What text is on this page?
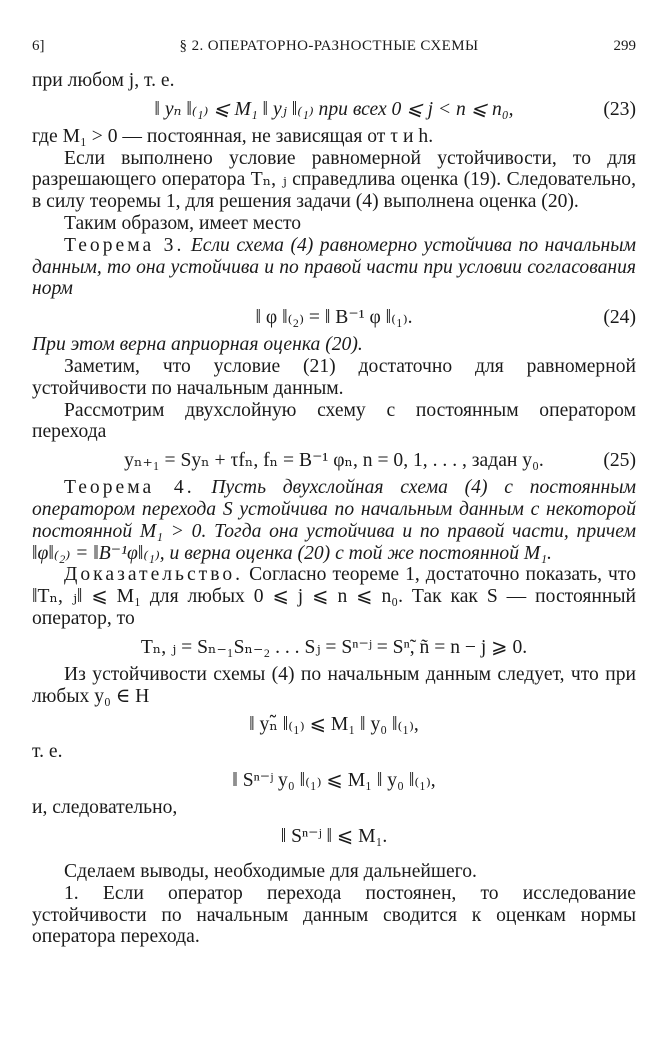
6]	§ 2. ОПЕРАТОРНО-РАЗНОСТНЫЕ СХЕМЫ	299

при любом j, т. е.

‖ yₙ ‖₍₁₎ ⩽ M₁ ‖ yⱼ ‖₍₁₎ при всех 0 ⩽ j < n ⩽ n₀,	(23)

где M₁ > 0 — постоянная, не зависящая от τ и h.

Если выполнено условие равномерной устойчивости, то для разрешающего оператора Tₙ, ⱼ справедлива оценка (19). Следовательно, в силу теоремы 1, для решения задачи (4) выполнена оценка (20).

Таким образом, имеет место

Теорема 3. Если схема (4) равномерно устойчива по начальным данным, то она устойчива и по правой части при условии согласования норм

‖ φ ‖₍₂₎ = ‖ B⁻¹ φ ‖₍₁₎.	(24)

При этом верна априорная оценка (20).

Заметим, что условие (21) достаточно для равномерной устойчивости по начальным данным.

Рассмотрим двухслойную схему с постоянным оператором перехода

yₙ₊₁ = Syₙ + τfₙ, fₙ = B⁻¹ φₙ, n = 0, 1, . . . , задан y₀.	(25)

Теорема 4. Пусть двухслойная схема (4) с постоянным оператором перехода S устойчива по начальным данным с некоторой постоянной M₁ > 0. Тогда она устойчива и по правой части, причем ‖φ‖₍₂₎ = ‖B⁻¹φ‖₍₁₎, и верна оценка (20) с той же постоянной M₁.

Доказательство. Согласно теореме 1, достаточно показать, что ‖Tₙ, ⱼ‖ ⩽ M₁ для любых 0 ⩽ j ⩽ n ⩽ n₀. Так как S — постоянный оператор, то

Tₙ, ⱼ = Sₙ₋₁Sₙ₋₂ . . . Sⱼ = Sⁿ⁻ʲ = Sⁿ̃, ñ = n − j ⩾ 0.

Из устойчивости схемы (4) по начальным данным следует, что при любых y₀ ∈ H

‖ yₙ̃ ‖₍₁₎ ⩽ M₁ ‖ y₀ ‖₍₁₎,

т. е.

‖ Sⁿ⁻ʲ y₀ ‖₍₁₎ ⩽ M₁ ‖ y₀ ‖₍₁₎,

и, следовательно,

‖ Sⁿ⁻ʲ ‖ ⩽ M₁.

Сделаем выводы, необходимые для дальнейшего.

1. Если оператор перехода постоянен, то исследование устойчивости по начальным данным сводится к оценкам нормы оператора перехода.
